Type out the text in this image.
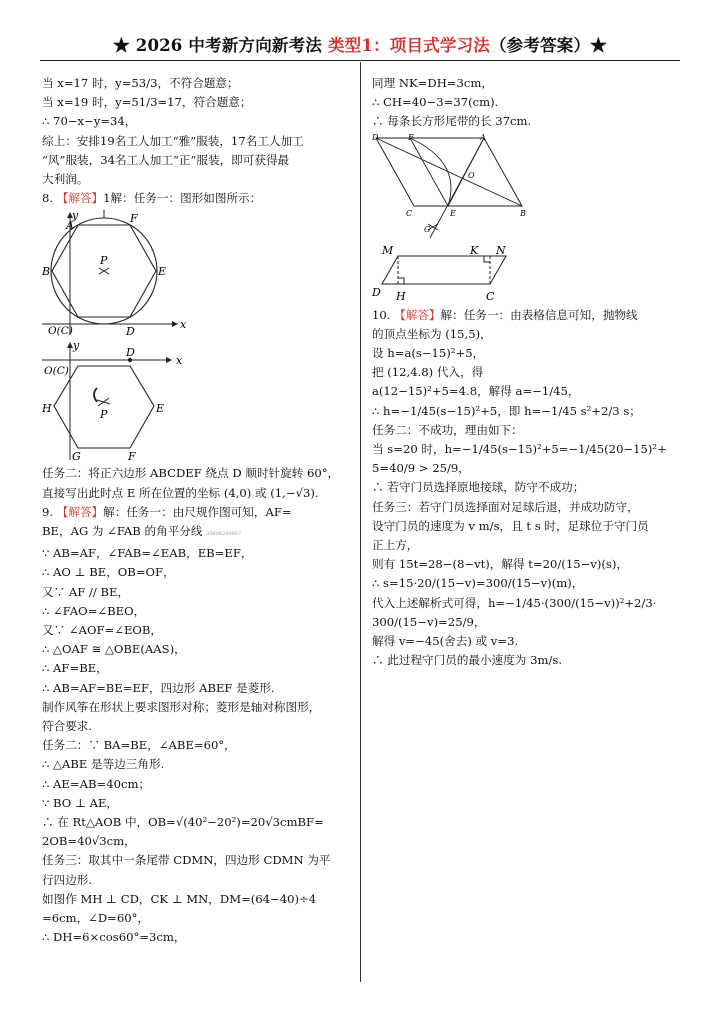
★ 2026 中考新方向新考法 类型1：项目式学习法（参考答案）★
当 x=17 时，y=53/3，不符合题意；
当 x=19 时，y=51/3=17，符合题意；
∴ 70−x−y=34，
综上：安排19名工人加工“雅”服装，17名工人加工
“风”服装，34名工人加工“正”服装，即可获得最
大利润。
8. 【解答】1解：任务一：图形如图所示：
A
F
B	E
P
O(C)	D
x
y
O(C)
D
E
H	P
G	F
x
y
任务二：将正六边形 ABCDEF 绕点 D 顺时针旋转 60°，
直接写出此时点 E 所在位置的坐标 (4,0) 或 (1,−√3).
9. 【解答】解：任务一：由尺规作图可知，AF=
BE，AG 为 ∠FAB 的角平分线 30606290007
∵ AB=AF，∠FAB=∠EAB，EB=EF，
∴ AO ⊥ BE，OB=OF，
又∵ AF // BE，
∴ ∠FAO=∠BEO，
又∵ ∠AOF=∠EOB，
∴ △OAF ≅ △OBE(AAS)，
∴ AF=BE，
∴ AB=AF=BE=EF，四边形 ABEF 是菱形.
制作风筝在形状上要求图形对称；菱形是轴对称图形，
符合要求.
任务二：∵ BA=BE，∠ABE=60°，
∴ △ABE 是等边三角形.
∴ AE=AB=40cm；
∵ BO ⊥ AE，
∴ 在 Rt△AOB 中，OB=√(40²−20²)=20√3cmBF=
2OB=40√3cm，
任务三：取其中一条尾带 CDMN，四边形 CDMN 为平
行四边形.
如图作 MH ⊥ CD，CK ⊥ MN，DM=(64−40)÷4
=6cm，∠D=60°，
∴ DH=6×cos60°=3cm，
同理 NK=DH=3cm，
∴ CH=40−3=37(cm).
∴ 每条长方形尾带的长 37cm.
D	F	A
O
C
G
E	B
M	K N
D H	C
10. 【解答】解：任务一：由表格信息可知，抛物线
的顶点坐标为 (15,5)，
设 h=a(s−15)²+5，
把 (12,4.8) 代入，得
a(12−15)²+5=4.8，解得 a=−1/45，
∴ h=−1/45(s−15)²+5，即 h=−1/45 s²+2/3 s；
任务二：不成功，理由如下：
当 s=20 时，h=−1/45(s−15)²+5=−1/45(20−15)²+
5=40/9 > 25/9，
∴ 若守门员选择原地接球，防守不成功；
任务三：若守门员选择面对足球后退，并成功防守，
设守门员的速度为 v m/s，且 t s 时，足球位于守门员
正上方，
则有 15t=28−(8−vt)，解得 t=20/(15−v)(s)，
∴ s=15·20/(15−v)=300/(15−v)(m)，
代入上述解析式可得，h=−1/45·(300/(15−v))²+2/3·
300/(15−v)=25/9，
解得 v=−45(舍去) 或 v=3.
∴ 此过程守门员的最小速度为 3m/s.
